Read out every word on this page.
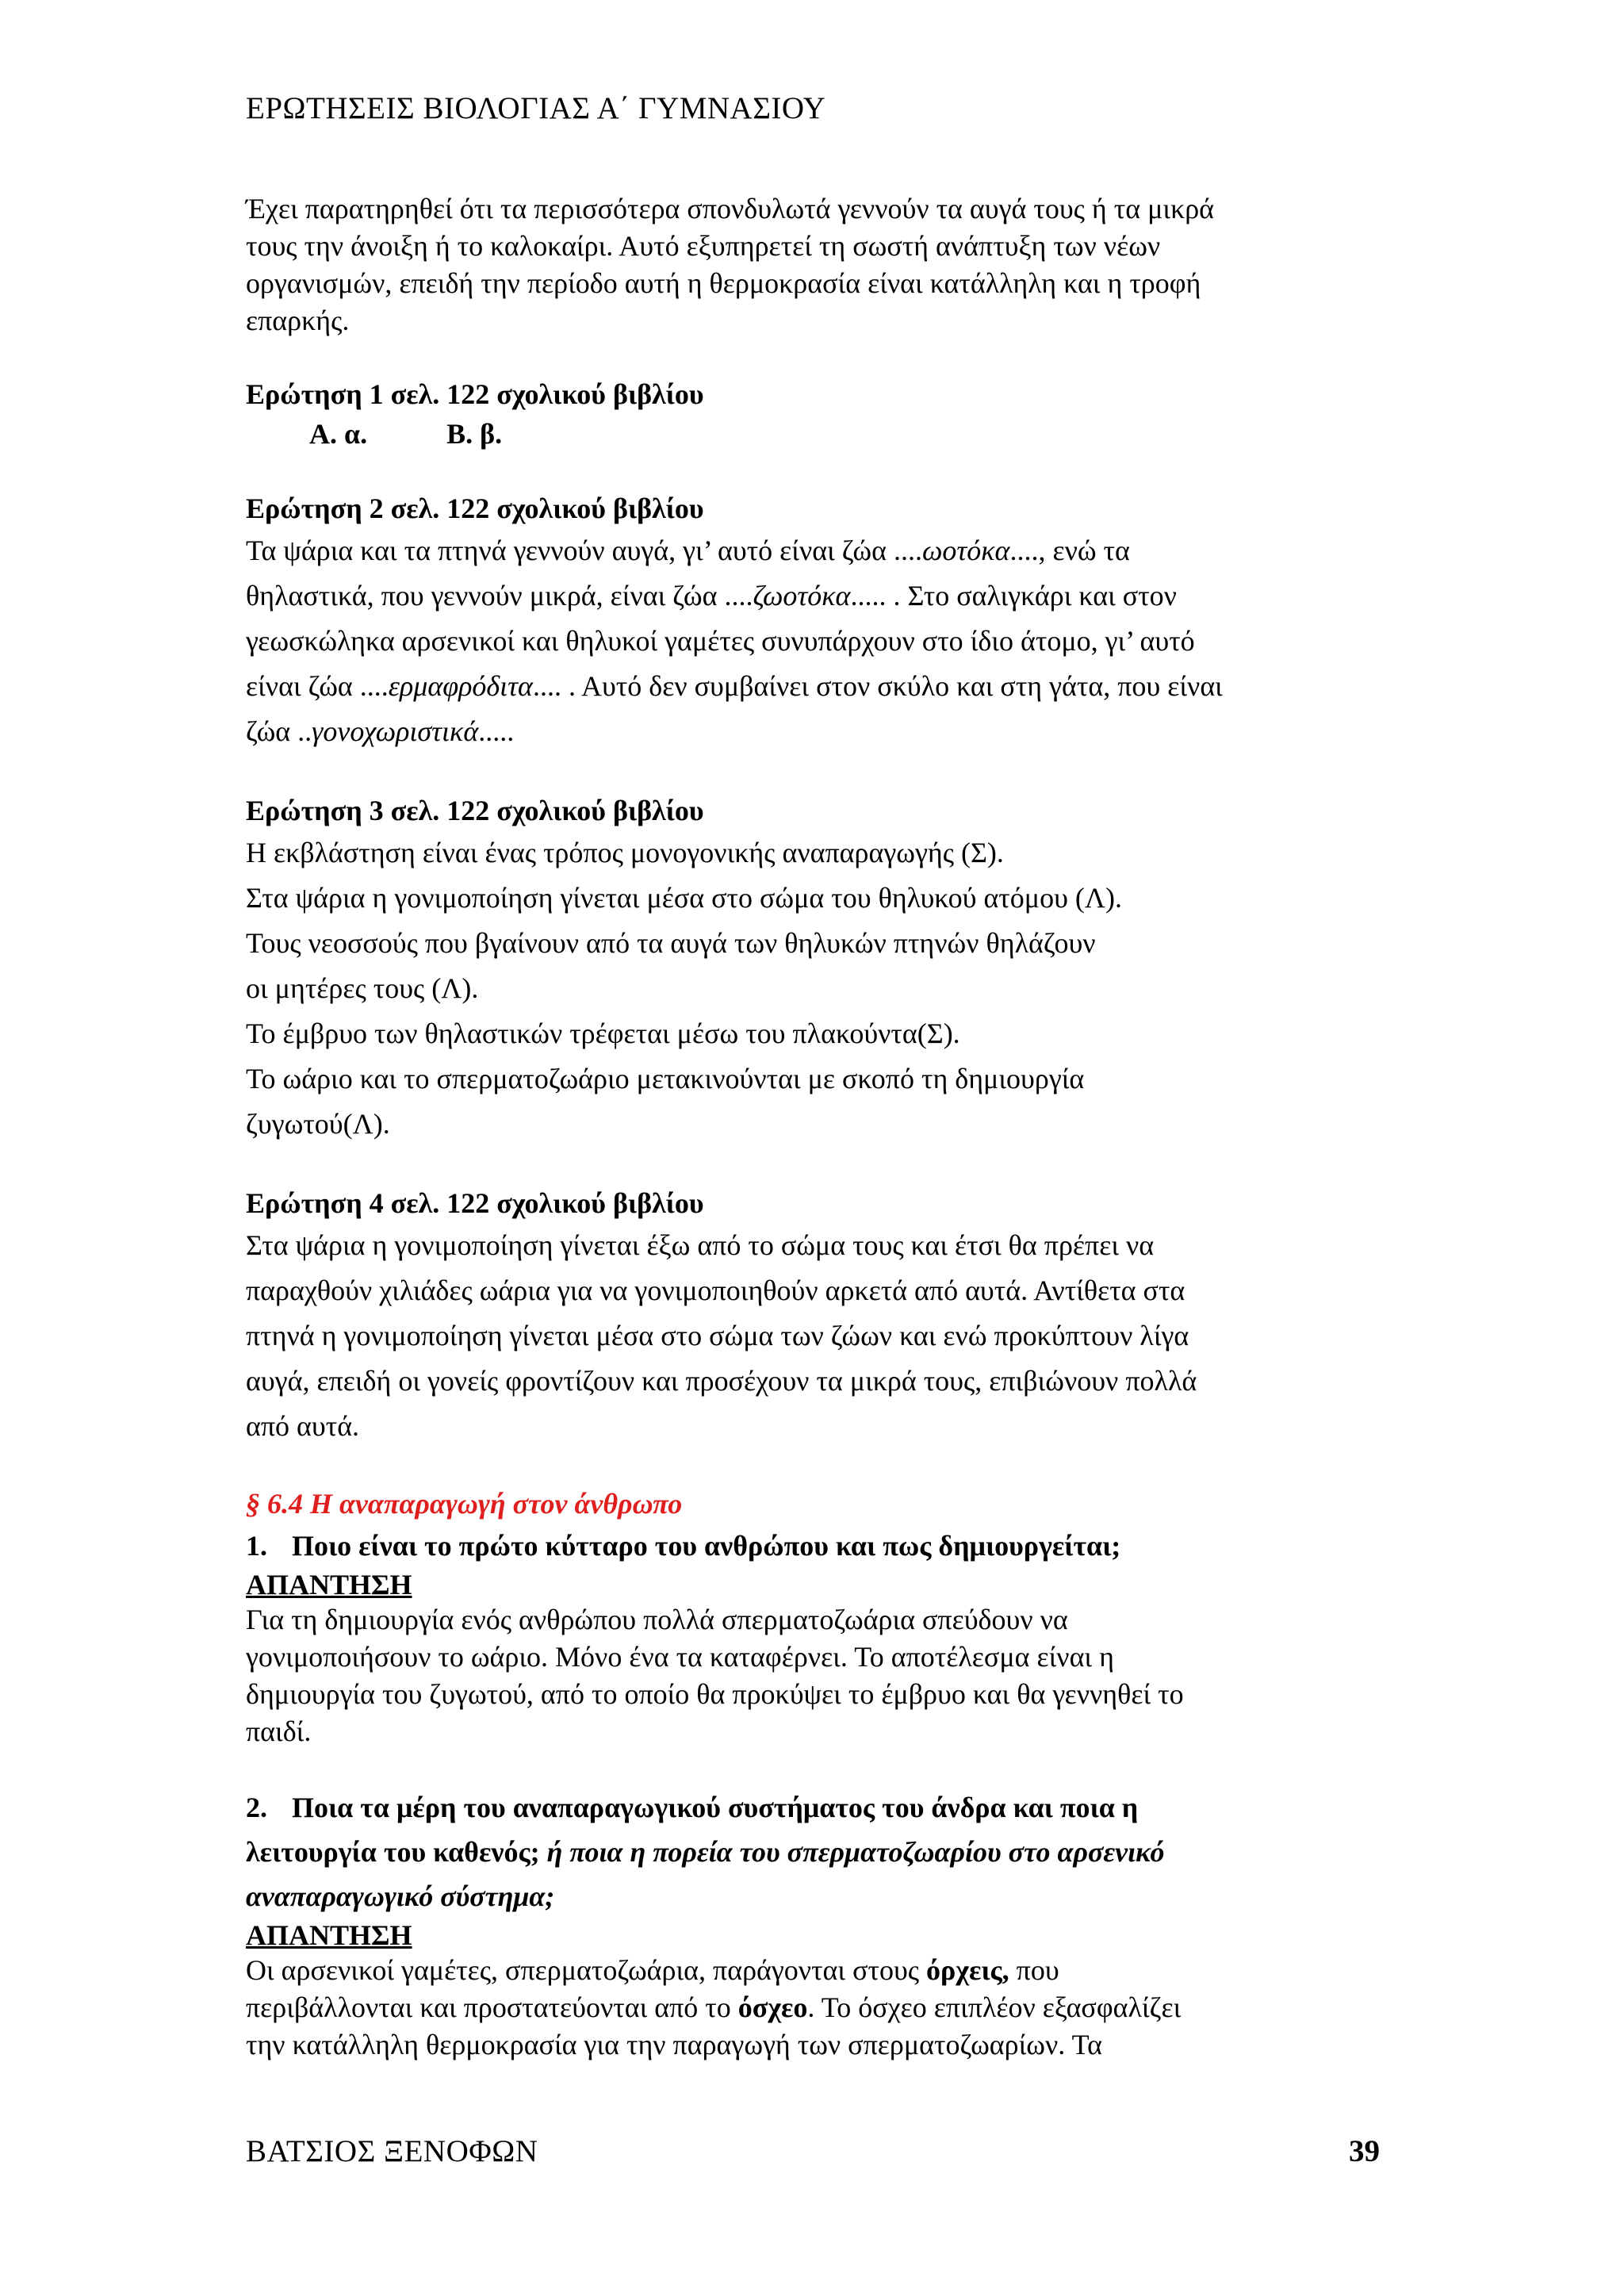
ΕΡΩΤΗΣΕΙΣ ΒΙΟΛΟΓΙΑΣ Α΄ ΓΥΜΝΑΣΙΟΥ

Έχει παρατηρηθεί ότι τα περισσότερα σπονδυλωτά γεννούν τα αυγά τους ή τα μικρά

τους την άνοιξη ή το καλοκαίρι. Αυτό εξυπηρετεί τη σωστή ανάπτυξη των νέων

οργανισμών, επειδή την περίοδο αυτή η θερμοκρασία είναι κατάλληλη και η τροφή

επαρκής.

Ερώτηση 1 σελ. 122 σχολικού βιβλίου
Α. α.	Β. β.
Ερώτηση 2 σελ. 122 σχολικού βιβλίου

Τα ψάρια και τα πτηνά γεννούν αυγά, γι’ αυτό είναι ζώα ....ωοτόκα...., ενώ τα

θηλαστικά, που γεννούν μικρά, είναι ζώα ....ζωοτόκα..... . Στο σαλιγκάρι και στον

γεωσκώληκα αρσενικοί και θηλυκοί γαμέτες συνυπάρχουν στο ίδιο άτομο, γι’ αυτό

είναι ζώα ....ερμαφρόδιτα.... . Αυτό δεν συμβαίνει στον σκύλο και στη γάτα, που είναι

ζώα ..γονοχωριστικά.....

Ερώτηση 3 σελ. 122 σχολικού βιβλίου

Η εκβλάστηση είναι ένας τρόπος μονογονικής αναπαραγωγής (Σ).

Στα ψάρια η γονιμοποίηση γίνεται μέσα στο σώμα του θηλυκού ατόμου (Λ).

Τους νεοσσούς που βγαίνουν από τα αυγά των θηλυκών πτηνών θηλάζουν

οι μητέρες τους (Λ).

Το έμβρυο των θηλαστικών τρέφεται μέσω του πλακούντα(Σ).

Το ωάριο και το σπερματοζωάριο μετακινούνται με σκοπό τη δημιουργία

ζυγωτού(Λ).

Ερώτηση 4 σελ. 122 σχολικού βιβλίου

Στα ψάρια η γονιμοποίηση γίνεται έξω από το σώμα τους και έτσι θα πρέπει να

παραχθούν χιλιάδες ωάρια για να γονιμοποιηθούν αρκετά από αυτά. Αντίθετα στα

πτηνά η γονιμοποίηση γίνεται μέσα στο σώμα των ζώων και ενώ προκύπτουν λίγα

αυγά, επειδή οι γονείς φροντίζουν και προσέχουν τα μικρά τους, επιβιώνουν πολλά

από αυτά.

§ 6.4 Η αναπαραγωγή στον άνθρωπο
1. Ποιο είναι το πρώτο κύτταρο του ανθρώπου και πως δημιουργείται;
ΑΠΑΝΤΗΣΗ

Για τη δημιουργία ενός ανθρώπου πολλά σπερματοζωάρια σπεύδουν να

γονιμοποιήσουν το ωάριο. Μόνο ένα τα καταφέρνει. Το αποτέλεσμα είναι η

δημιουργία του ζυγωτού, από το οποίο θα προκύψει το έμβρυο και θα γεννηθεί το

παιδί.

2. Ποια τα μέρη του αναπαραγωγικού συστήματος του άνδρα και ποια η

λειτουργία του καθενός; ή ποια η πορεία του σπερματοζωαρίου στο αρσενικό

αναπαραγωγικό σύστημα;

ΑΠΑΝΤΗΣΗ

Οι αρσενικοί γαμέτες, σπερματοζωάρια, παράγονται στους όρχεις, που

περιβάλλονται και προστατεύονται από το όσχεο. Το όσχεο επιπλέον εξασφαλίζει

την κατάλληλη θερμοκρασία για την παραγωγή των σπερματοζωαρίων. Τα

ΒΑΤΣΙΟΣ ΞΕΝΟΦΩΝ	39
